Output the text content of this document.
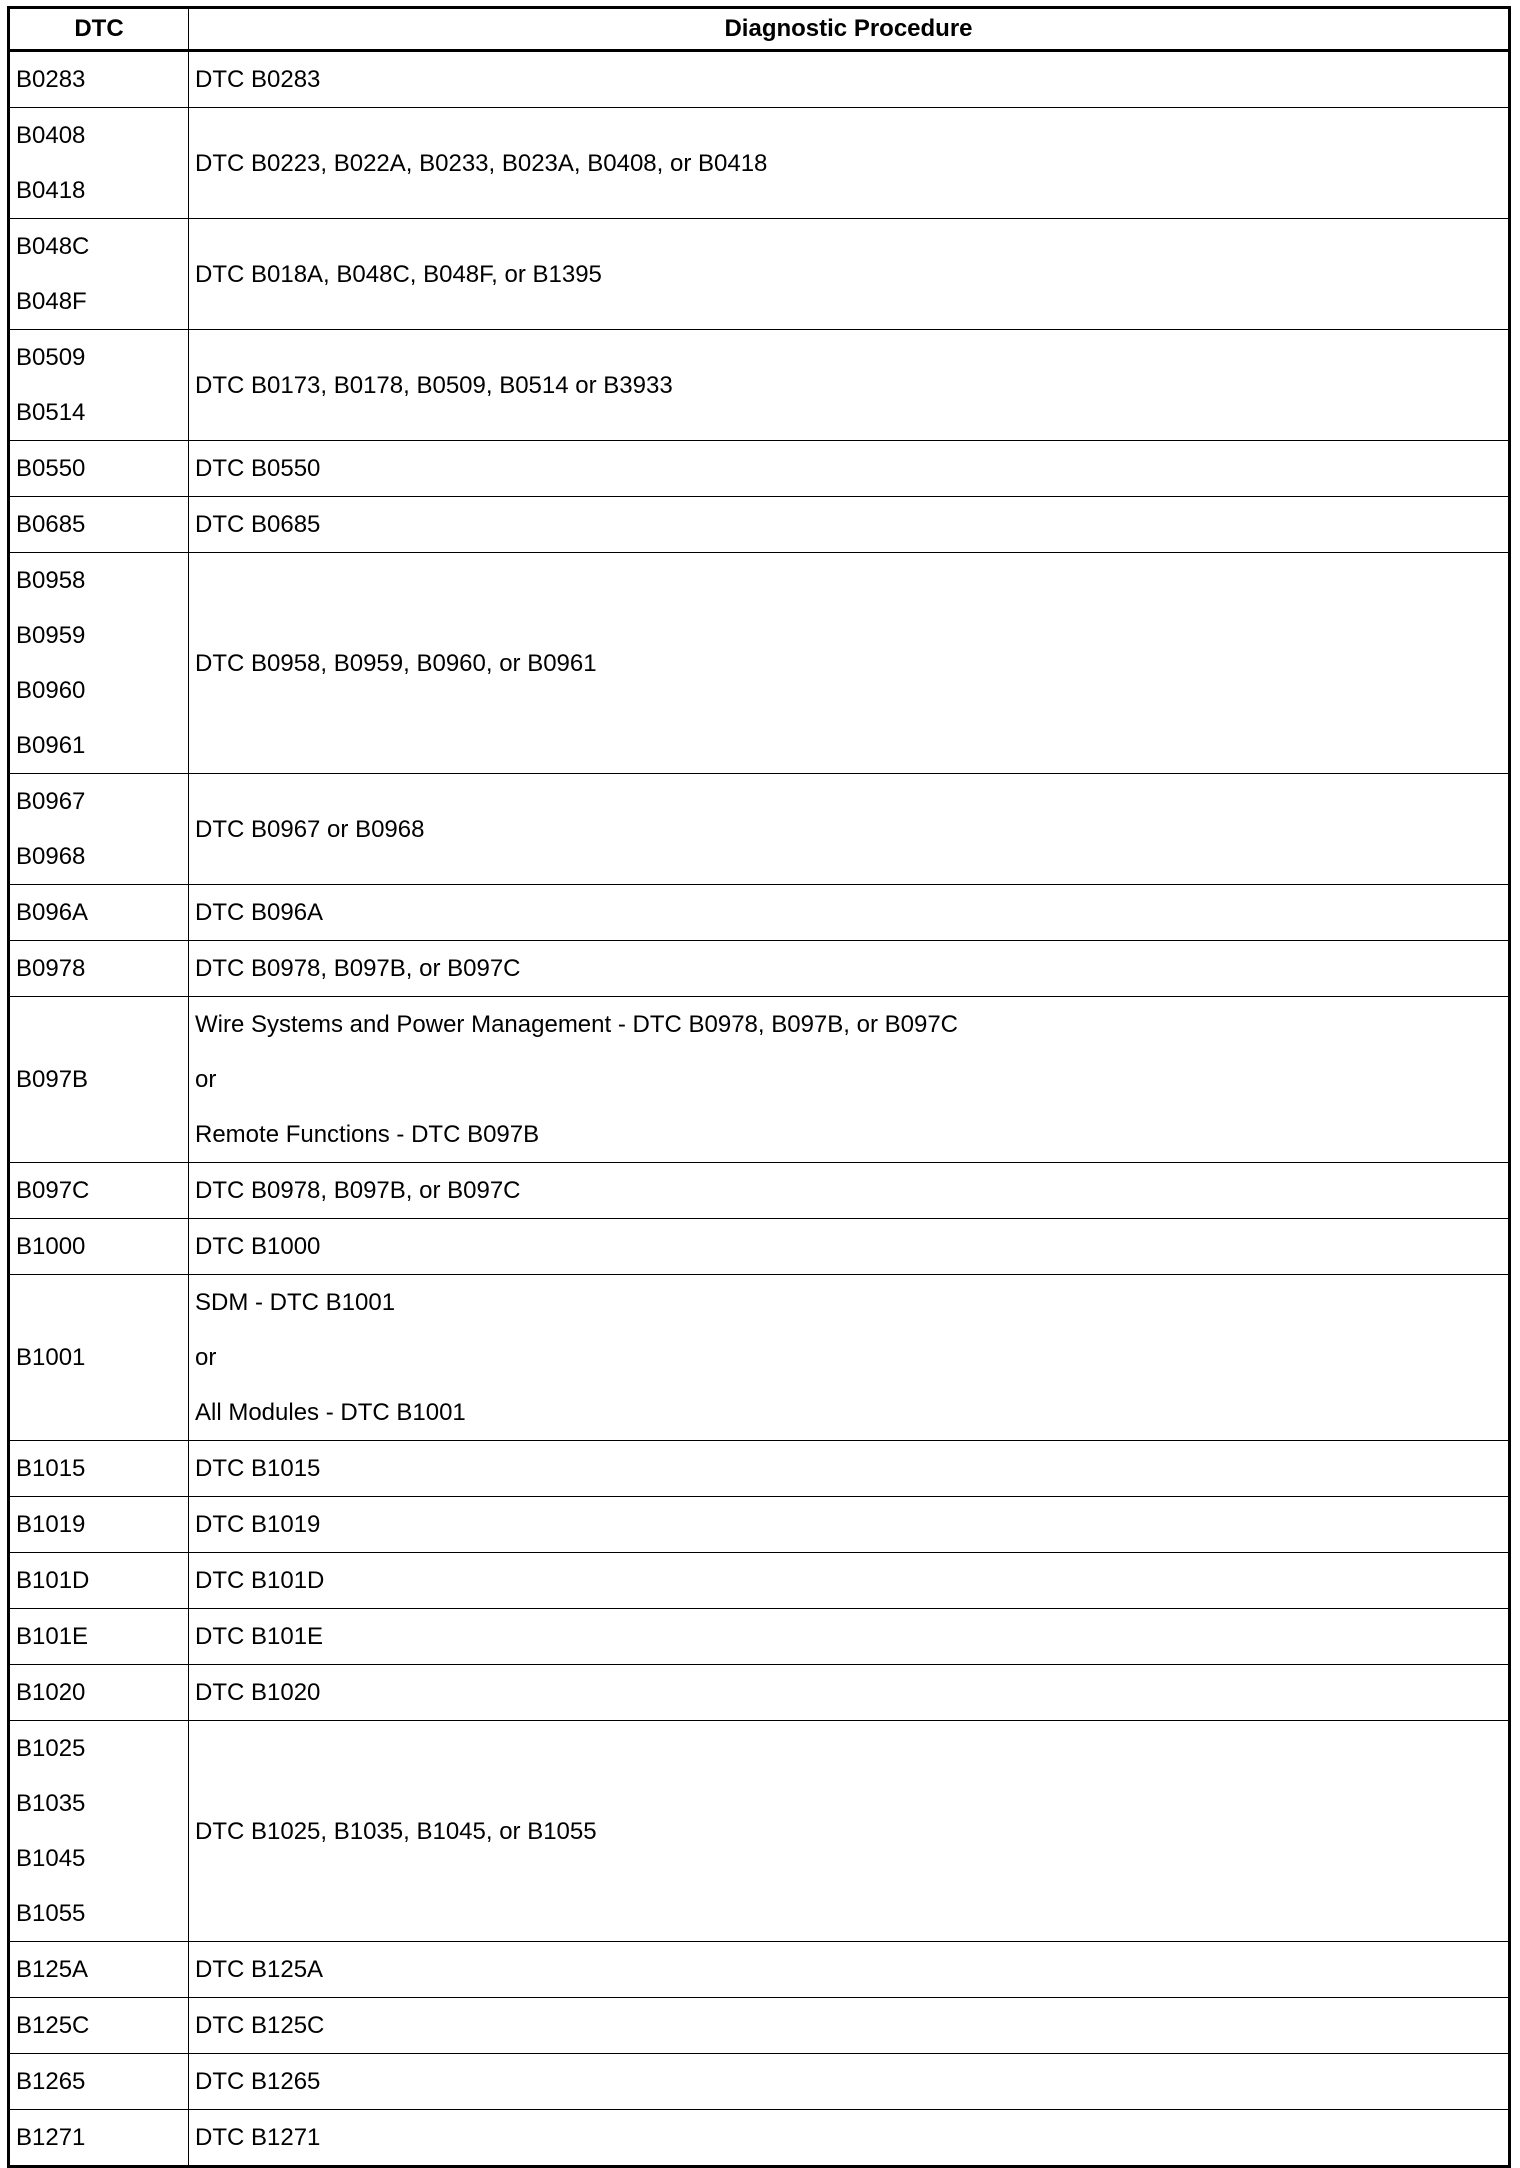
DTC	Diagnostic Procedure

B0283	DTC B0283

B0408
B0418	DTC B0223, B022A, B0233, B023A, B0408, or B0418

B048C
B048F	DTC B018A, B048C, B048F, or B1395

B0509
B0514	DTC B0173, B0178, B0509, B0514 or B3933

B0550	DTC B0550

B0685	DTC B0685

B0958
B0959
B0960
B0961	DTC B0958, B0959, B0960, or B0961

B0967
B0968	DTC B0967 or B0968

B096A	DTC B096A

B0978	DTC B0978, B097B, or B097C

B097B	Wire Systems and Power Management - DTC B0978, B097B, or B097C
or
Remote Functions - DTC B097B

B097C	DTC B0978, B097B, or B097C

B1000	DTC B1000

B1001	SDM - DTC B1001
or
All Modules - DTC B1001

B1015	DTC B1015

B1019	DTC B1019

B101D	DTC B101D

B101E	DTC B101E

B1020	DTC B1020

B1025
B1035
B1045
B1055	DTC B1025, B1035, B1045, or B1055

B125A	DTC B125A

B125C	DTC B125C

B1265	DTC B1265

B1271	DTC B1271
